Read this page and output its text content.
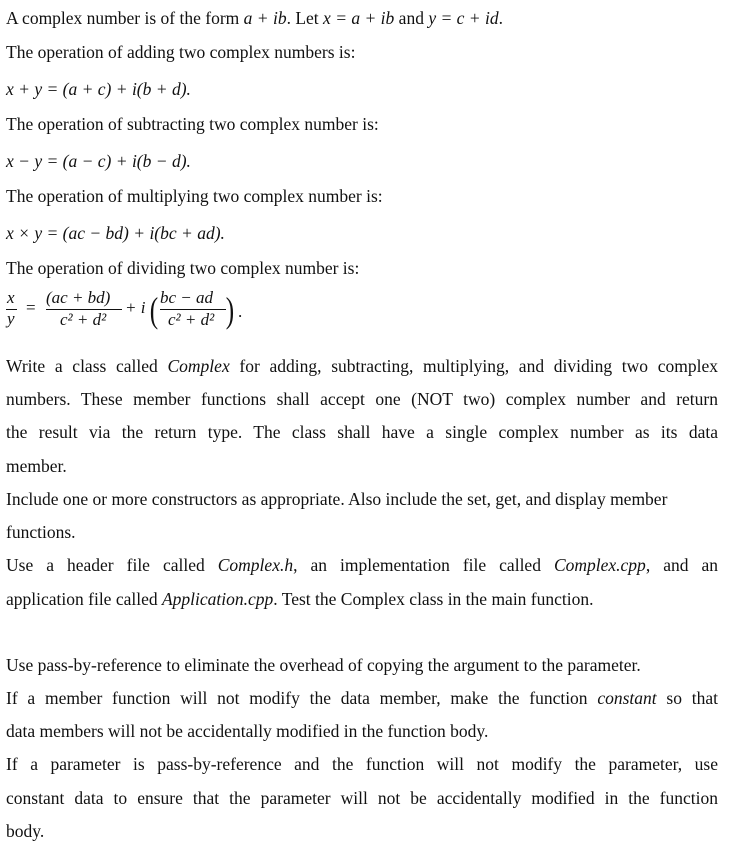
A complex number is of the form a + ib. Let x = a + ib and y = c + id.
The operation of adding two complex numbers is:
x + y = (a + c) + i(b + d).
The operation of subtracting two complex number is:
x − y = (a − c) + i(b − d).
The operation of multiplying two complex number is:
x × y = (ac − bd) + i(bc + ad).
The operation of dividing two complex number is:
x
y
=
(ac + bd)
c² + d²
+ i ( bc − ad
c² + d² ) .
Write a class called Complex for adding, subtracting, multiplying, and dividing two complex
numbers. These member functions shall accept one (NOT two) complex number and return
the result via the return type. The class shall have a single complex number as its data
member.
Include one or more constructors as appropriate. Also include the set, get, and display member
functions.
Use a header file called Complex.h, an implementation file called Complex.cpp, and an
application file called Application.cpp. Test the Complex class in the main function.
Use pass-by-reference to eliminate the overhead of copying the argument to the parameter.
If a member function will not modify the data member, make the function constant so that
data members will not be accidentally modified in the function body.
If a parameter is pass-by-reference and the function will not modify the parameter, use
constant data to ensure that the parameter will not be accidentally modified in the function
body.
